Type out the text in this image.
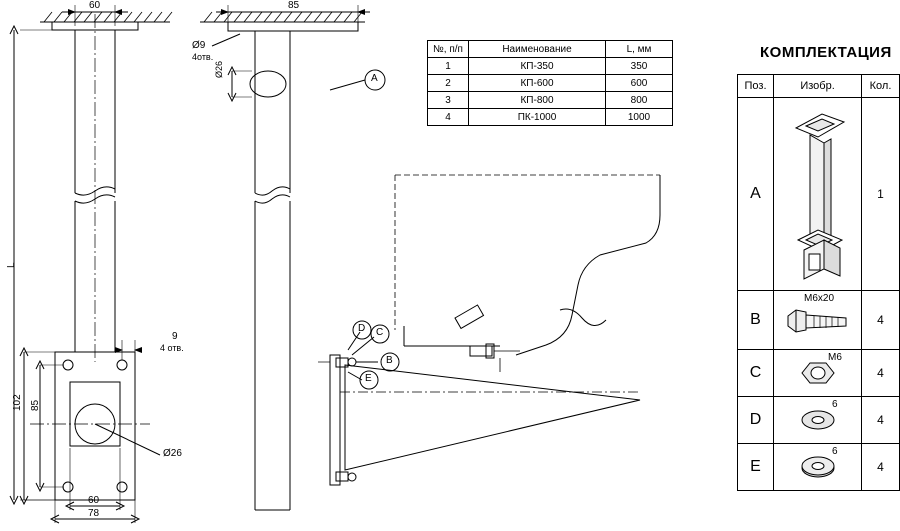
60	85
L
102 85
60
78
9
4 отв.
Ø26
Ø9
4отв.
Ø26
A
D C
B
E
КОМПЛЕКТАЦИЯ
№, п/п	Наименование	L, мм
1	КП-350	350
2	КП-600	600
3	КП-800	800
4	ПК-1000	1000
Поз.	Изобр.	Кол.
A		1
B	M6x20	4
C	M6	4
D	6	4
E	6	4
